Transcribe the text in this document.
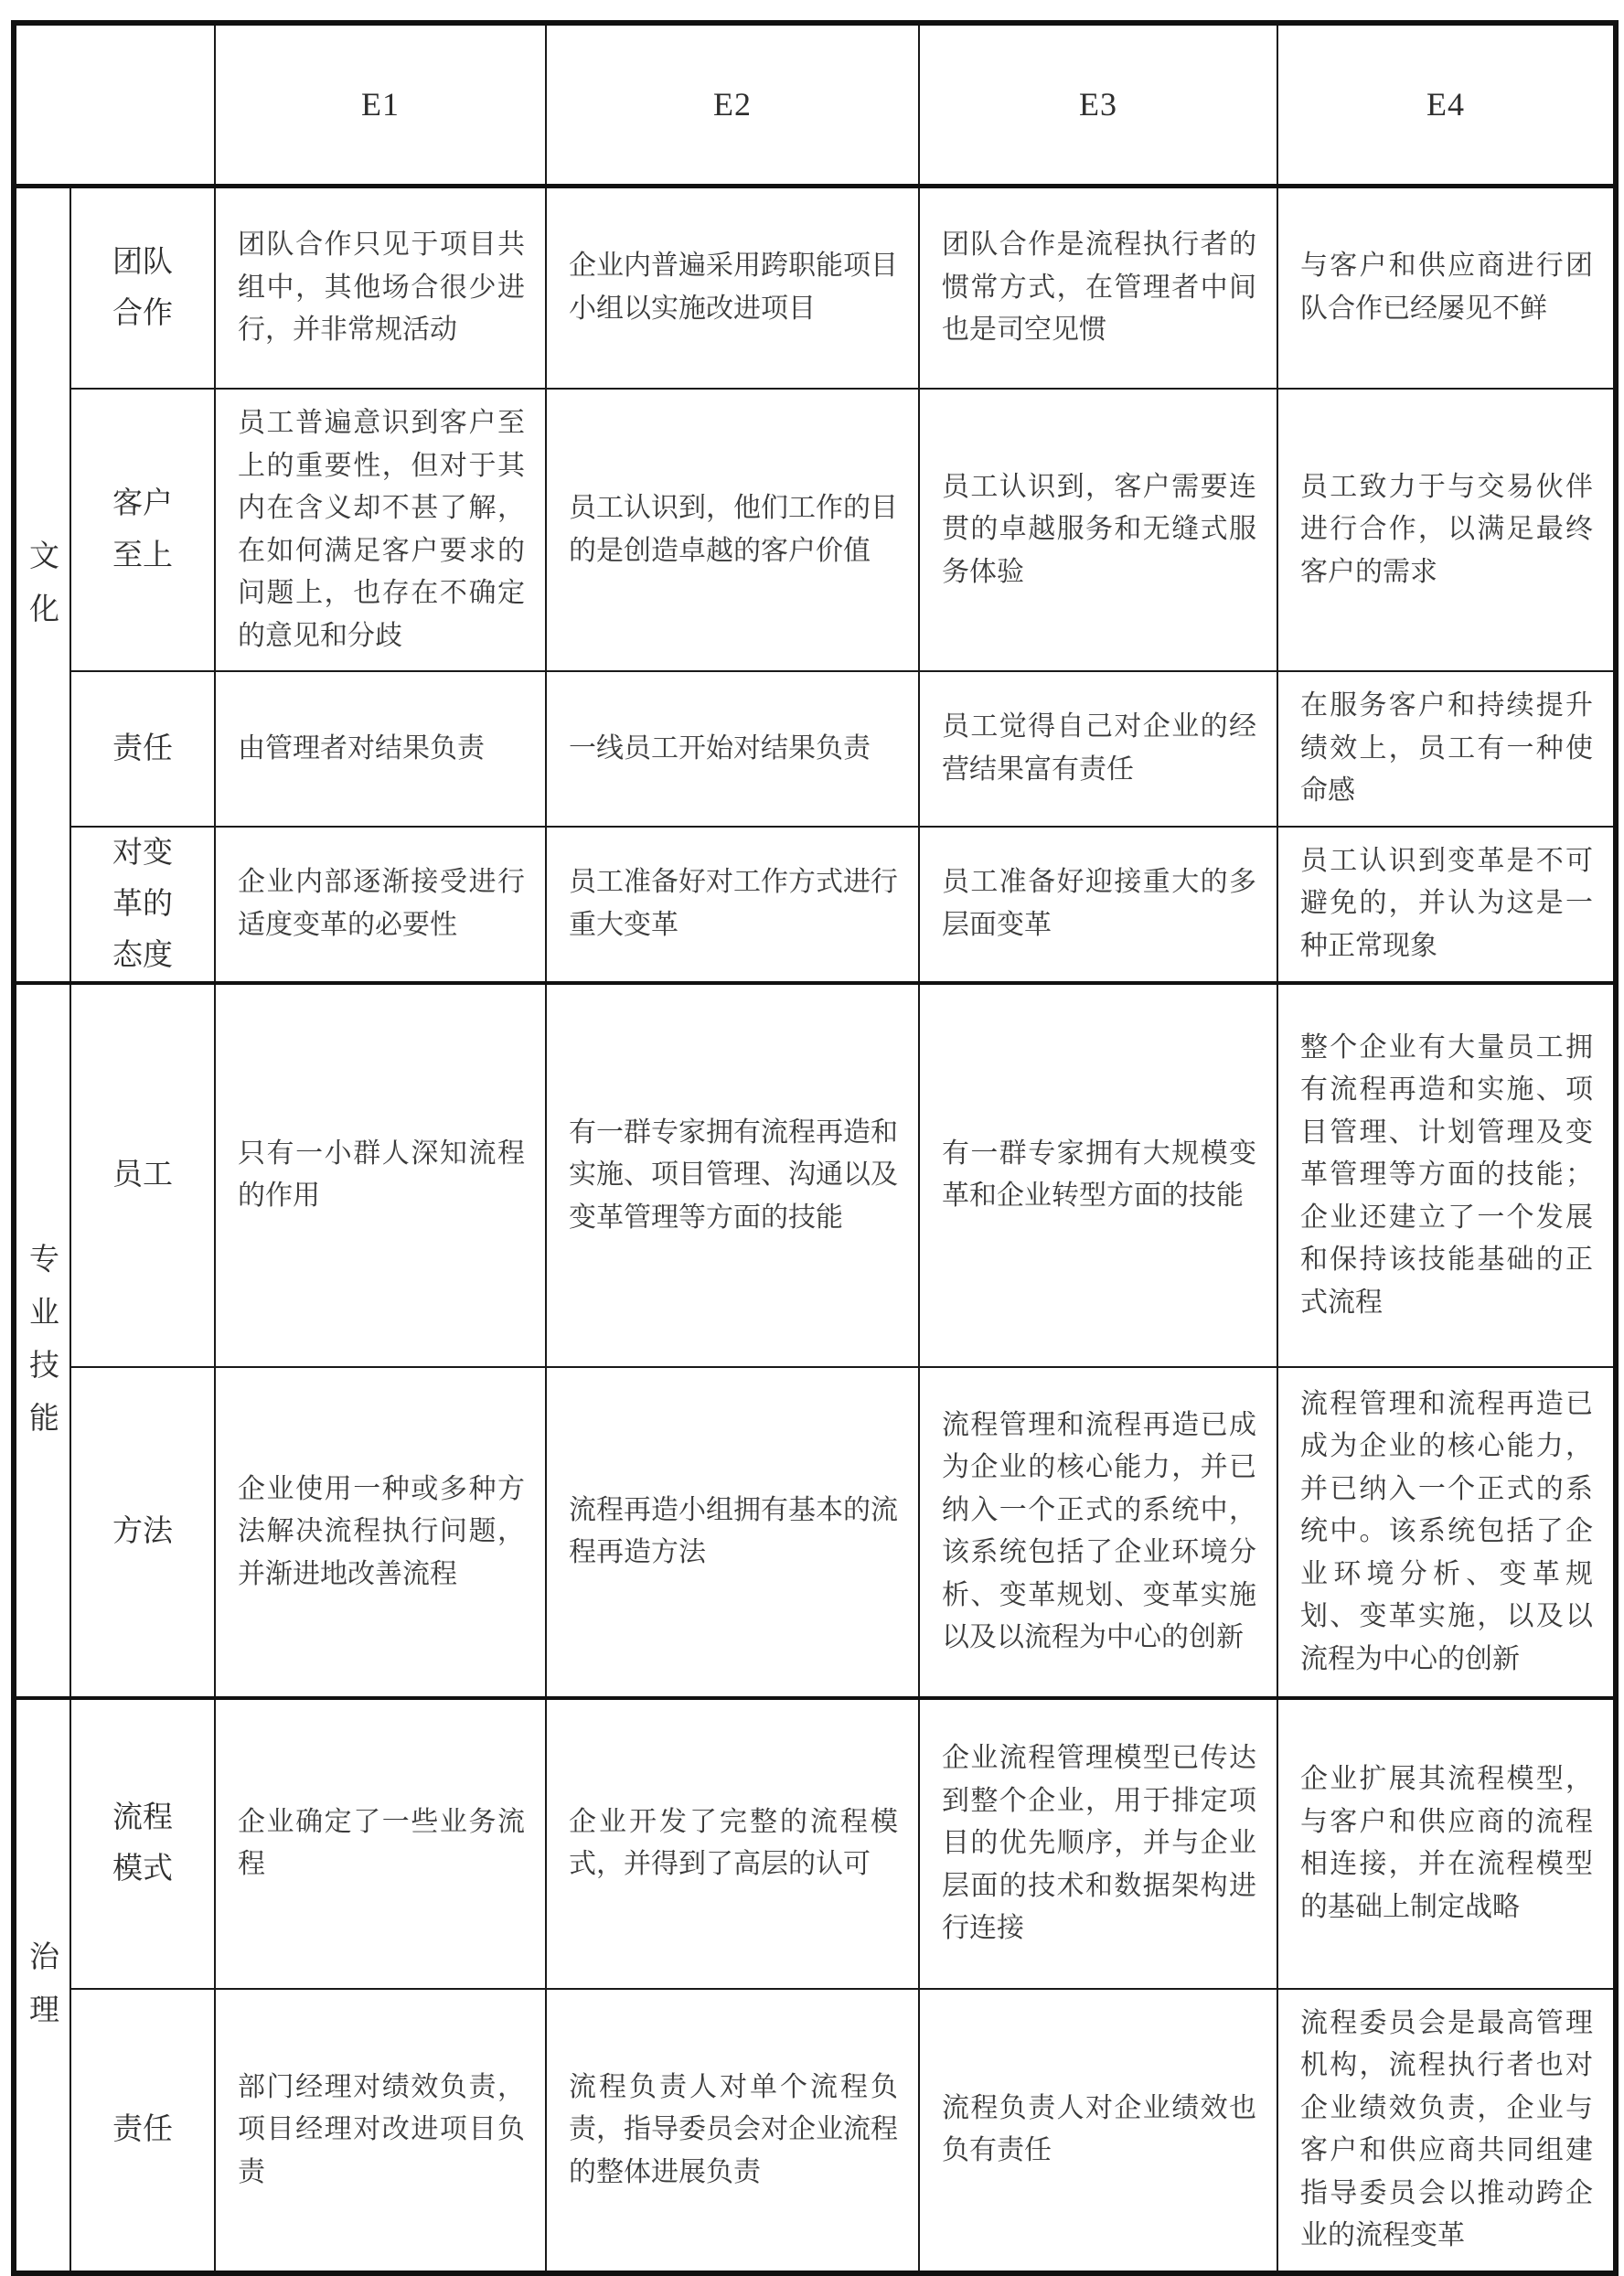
		E1	E2	E3	E4
文化	团队合作	团队合作只见于项目共组中，其他场合很少进行，并非常规活动	企业内普遍采用跨职能项目小组以实施改进项目	团队合作是流程执行者的惯常方式，在管理者中间也是司空见惯	与客户和供应商进行团队合作已经屡见不鲜
	客户至上	员工普遍意识到客户至上的重要性，但对于其内在含义却不甚了解，在如何满足客户要求的问题上，也存在不确定的意见和分歧	员工认识到，他们工作的目的是创造卓越的客户价值	员工认识到，客户需要连贯的卓越服务和无缝式服务体验	员工致力于与交易伙伴进行合作，以满足最终客户的需求
	责任	由管理者对结果负责	一线员工开始对结果负责	员工觉得自己对企业的经营结果富有责任	在服务客户和持续提升绩效上，员工有一种使命感
	对变革的态度	企业内部逐渐接受进行适度变革的必要性	员工准备好对工作方式进行重大变革	员工准备好迎接重大的多层面变革	员工认识到变革是不可避免的，并认为这是一种正常现象
专业技能	员工	只有一小群人深知流程的作用	有一群专家拥有流程再造和实施、项目管理、沟通以及变革管理等方面的技能	有一群专家拥有大规模变革和企业转型方面的技能	整个企业有大量员工拥有流程再造和实施、项目管理、计划管理及变革管理等方面的技能；企业还建立了一个发展和保持该技能基础的正式流程
	方法	企业使用一种或多种方法解决流程执行问题，并渐进地改善流程	流程再造小组拥有基本的流程再造方法	流程管理和流程再造已成为企业的核心能力，并已纳入一个正式的系统中，该系统包括了企业环境分析、变革规划、变革实施以及以流程为中心的创新	流程管理和流程再造已成为企业的核心能力，并已纳入一个正式的系统中。该系统包括了企业环境分析、变革规划、变革实施，以及以流程为中心的创新
治理	流程模式	企业确定了一些业务流程	企业开发了完整的流程模式，并得到了高层的认可	企业流程管理模型已传达到整个企业，用于排定项目的优先顺序，并与企业层面的技术和数据架构进行连接	企业扩展其流程模型，与客户和供应商的流程相连接，并在流程模型的基础上制定战略
	责任	部门经理对绩效负责，项目经理对改进项目负责	流程负责人对单个流程负责，指导委员会对企业流程的整体进展负责	流程负责人对企业绩效也负有责任	流程委员会是最高管理机构，流程执行者也对企业绩效负责，企业与客户和供应商共同组建指导委员会以推动跨企业的流程变革
